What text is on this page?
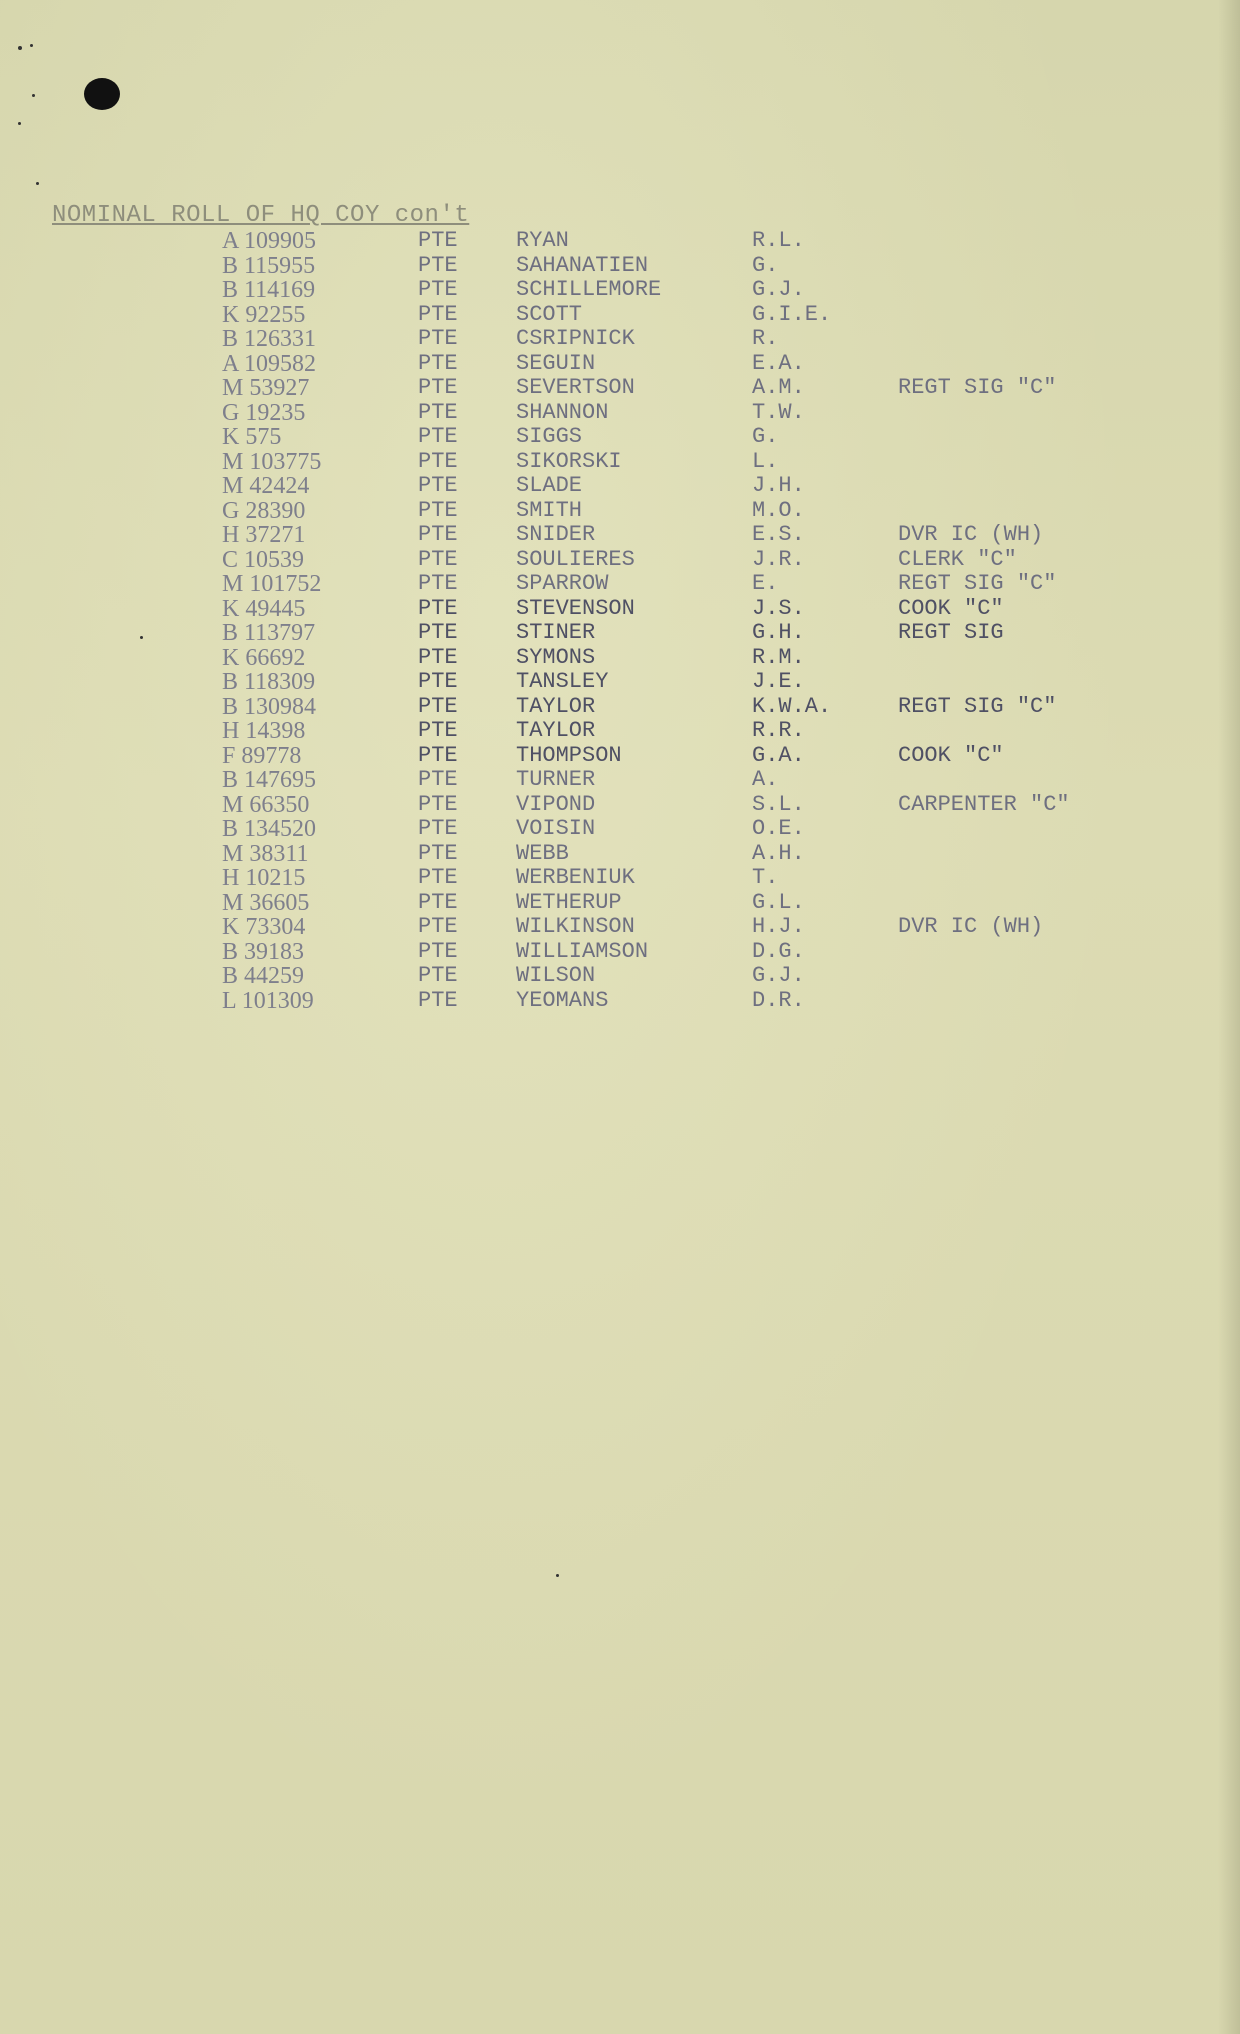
NOMINAL ROLL OF HQ COY con't
A 109905	PTE	RYAN	R.L.
B 115955	PTE	SAHANATIEN	G.
B 114169	PTE	SCHILLEMORE	G.J.
K 92255	PTE	SCOTT	G.I.E.
B 126331	PTE	CSRIPNICK	R.
A 109582	PTE	SEGUIN	E.A.
M 53927	PTE	SEVERTSON	A.M.	REGT SIG "C"
G 19235	PTE	SHANNON	T.W.
K 575	PTE	SIGGS	G.
M 103775	PTE	SIKORSKI	L.
M 42424	PTE	SLADE	J.H.
G 28390	PTE	SMITH	M.O.
H 37271	PTE	SNIDER	E.S.	DVR IC (WH)
C 10539	PTE	SOULIERES	J.R.	CLERK "C"
M 101752	PTE	SPARROW	E.	REGT SIG "C"
K 49445	PTE	STEVENSON	J.S.	COOK "C"
B 113797	PTE	STINER	G.H.	REGT SIG
K 66692	PTE	SYMONS	R.M.
B 118309	PTE	TANSLEY	J.E.
B 130984	PTE	TAYLOR	K.W.A.	REGT SIG "C"
H 14398	PTE	TAYLOR	R.R.
F 89778	PTE	THOMPSON	G.A.	COOK "C"
B 147695	PTE	TURNER	A.
M 66350	PTE	VIPOND	S.L.	CARPENTER "C"
B 134520	PTE	VOISIN	O.E.
M 38311	PTE	WEBB	A.H.
H 10215	PTE	WERBENIUK	T.
M 36605	PTE	WETHERUP	G.L.
K 73304	PTE	WILKINSON	H.J.	DVR IC (WH)
B 39183	PTE	WILLIAMSON	D.G.
B 44259	PTE	WILSON	G.J.
L 101309	PTE	YEOMANS	D.R.
